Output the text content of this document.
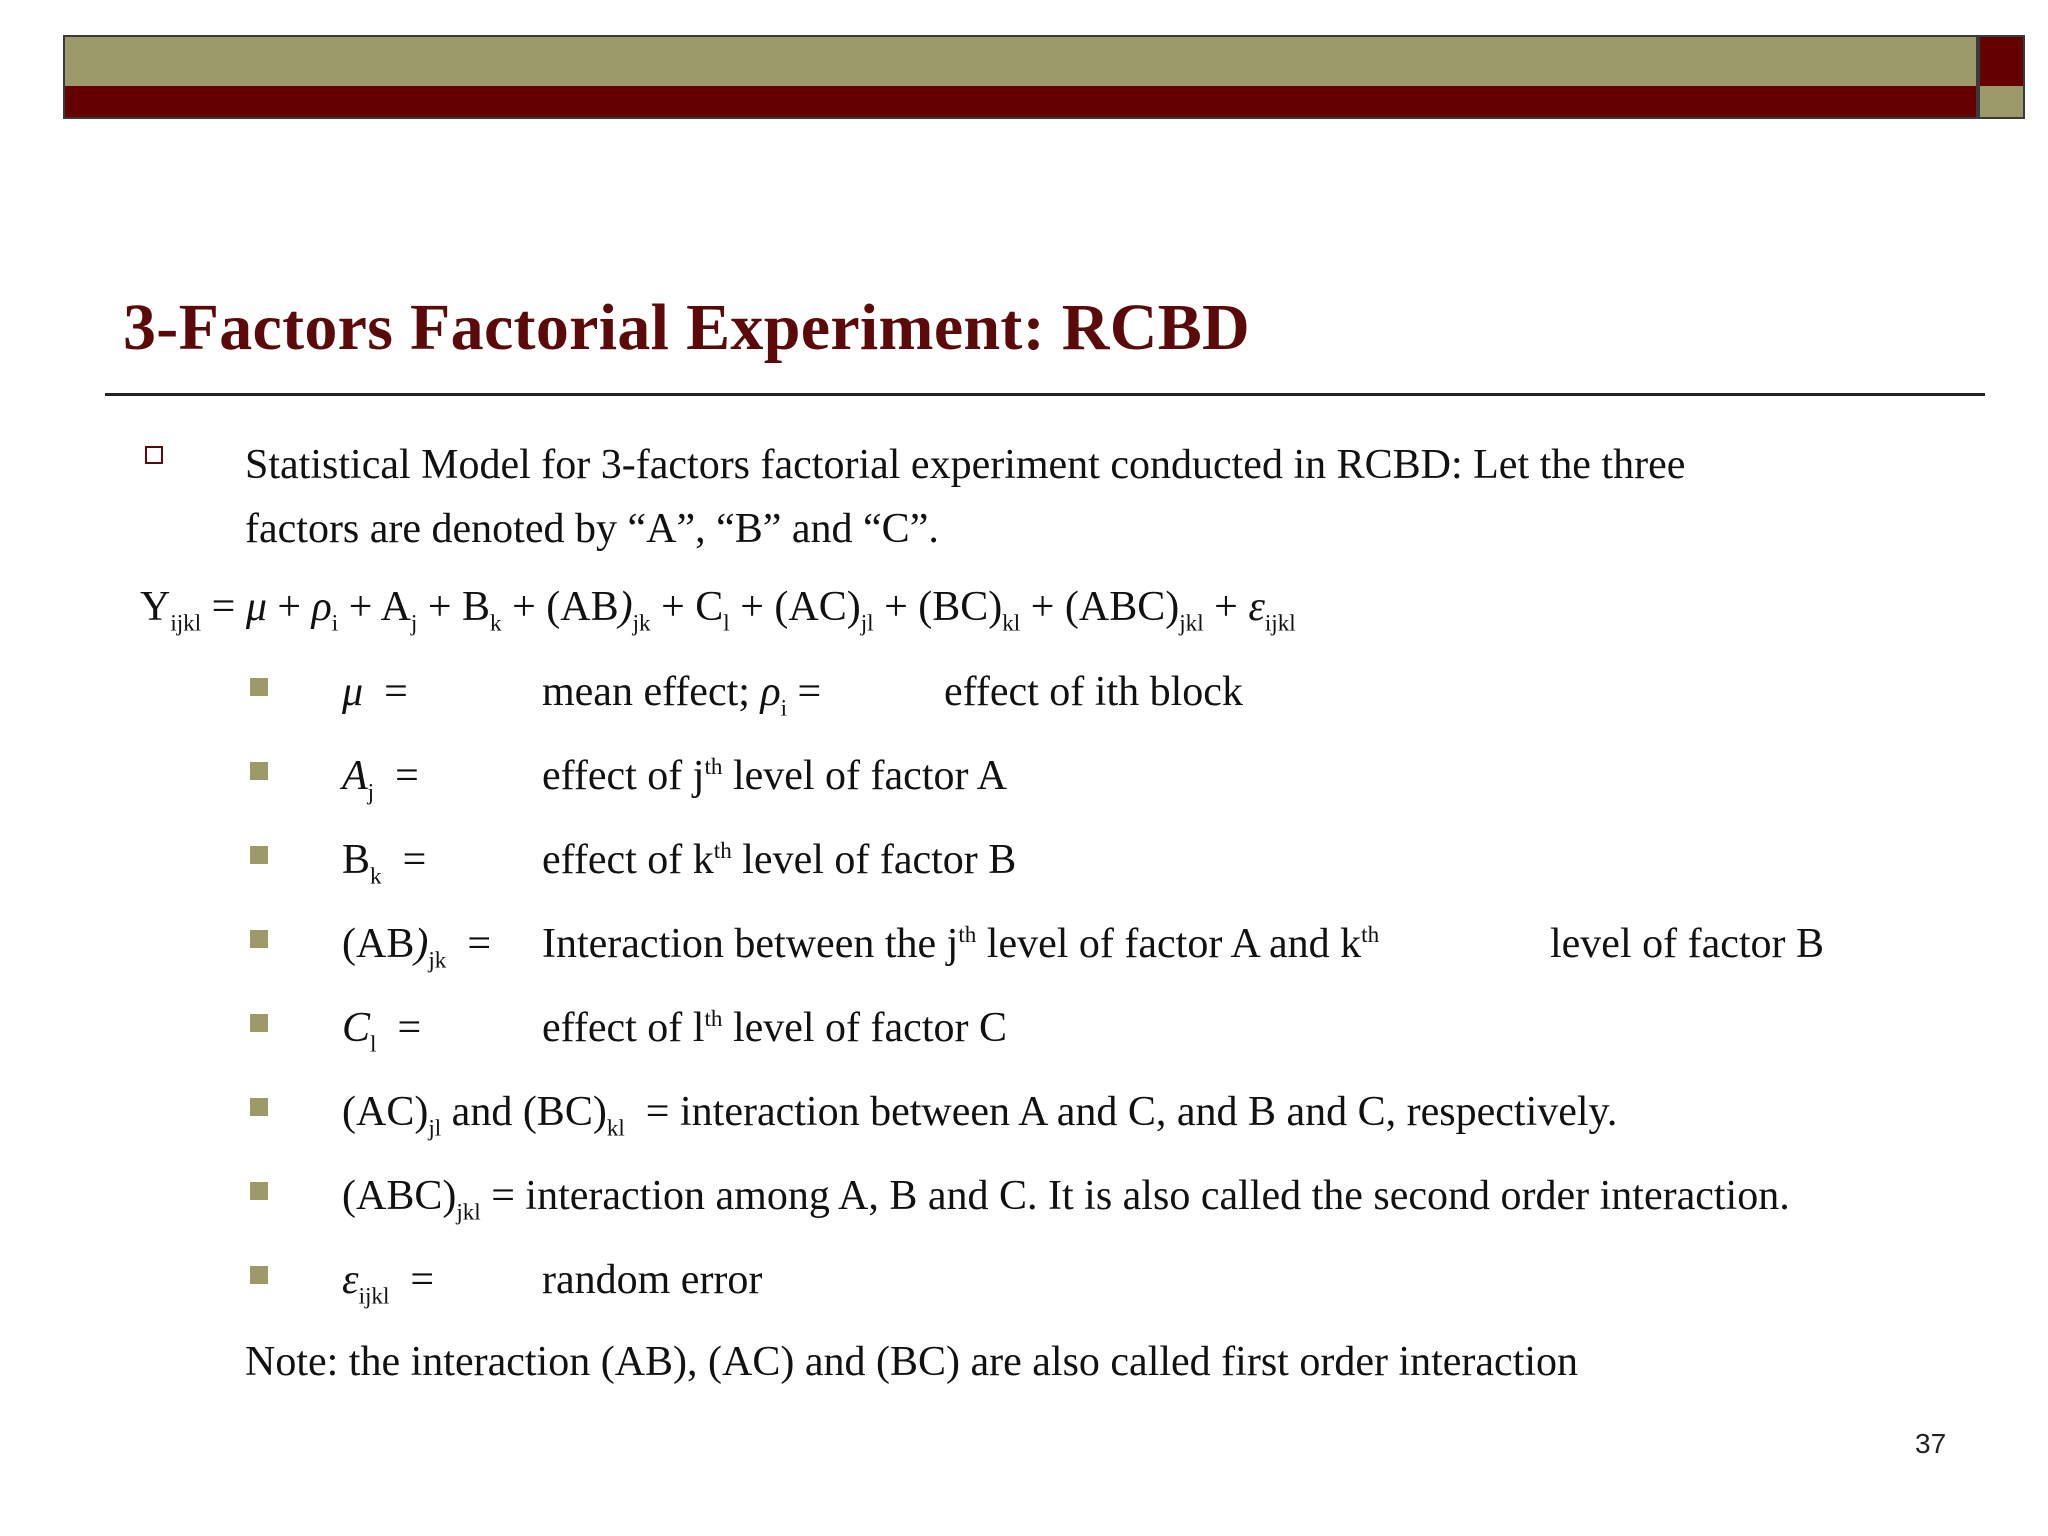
3-Factors Factorial Experiment: RCBD
Statistical Model for 3-factors factorial experiment conducted in RCBD: Let the three
factors are denoted by “A”, “B” and “C”.
$Y_{ijkl} = \mu + \rho_i + A_j + B_k + (AB)_{jk} + C_l + (AC)_{jl} + (BC)_{kl} + (ABC)_{jkl} + \varepsilon_{ijkl}$
μ  =	mean effect; $\rho_i$ =	effect of ith block
$A_j$  =	effect of $j^{th}$ level of factor A
$B_k$  =	effect of $k^{th}$ level of factor B
$(AB)_{jk}$  = Interaction between the $j^{th}$ level of factor A and $k^{th}$	level of factor B
$C_l$  =	effect of $l^{th}$ level of factor C
$(AC)_{jl}$ and $(BC)_{kl}$  = interaction between A and C, and B and C, respectively.
$(ABC)_{jkl}$ = interaction among A, B and C. It is also called the second order interaction.
$\varepsilon_{ijkl}$  =	random error
Note: the interaction (AB), (AC) and (BC) are also called first order interaction
37
